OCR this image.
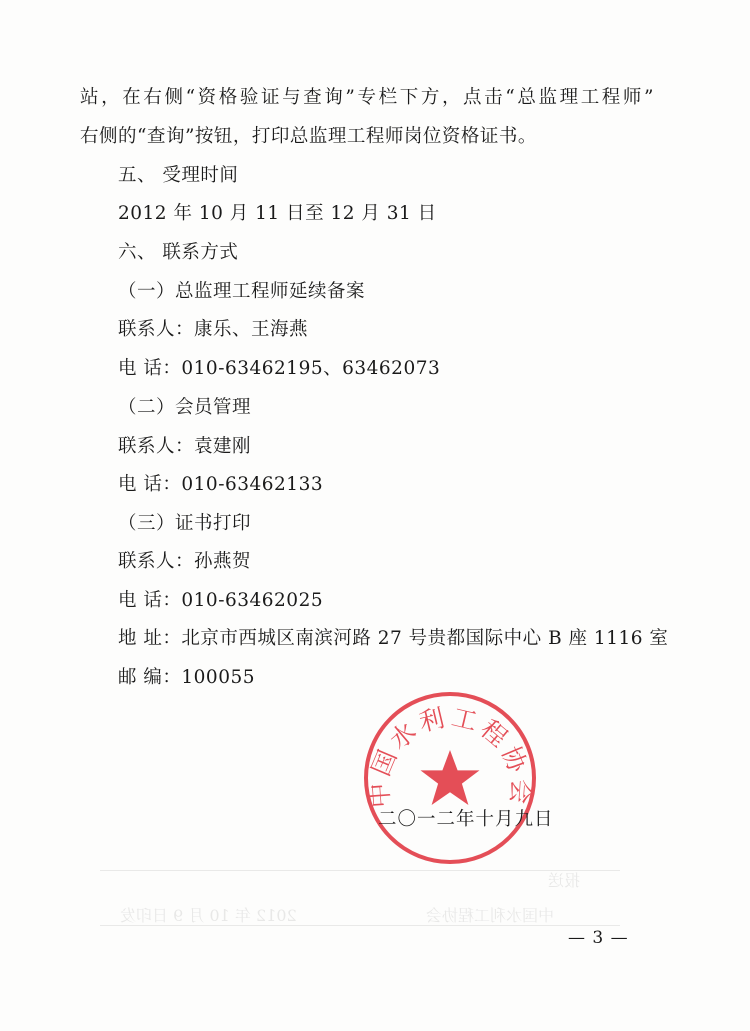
站，在右侧“资格验证与查询”专栏下方，点击“总监理工程师”
右侧的“查询”按钮，打印总监理工程师岗位资格证书。
五、 受理时间
2012 年 10 月 11 日至 12 月 31 日
六、 联系方式
（一）总监理工程师延续备案
联系人：康乐、王海燕
电 话：010-63462195、63462073
（二）会员管理
联系人：袁建刚
电 话：010-63462133
（三）证书打印
联系人：孙燕贺
电 话：010-63462025
地 址：北京市西城区南滨河路 27 号贵都国际中心 B 座 1116 室
邮 编：100055
报送
2012 年 10 月 9 日印发	中国水利工程协会
中国水利工程协会
二〇一二年十月九日
— 3 —
